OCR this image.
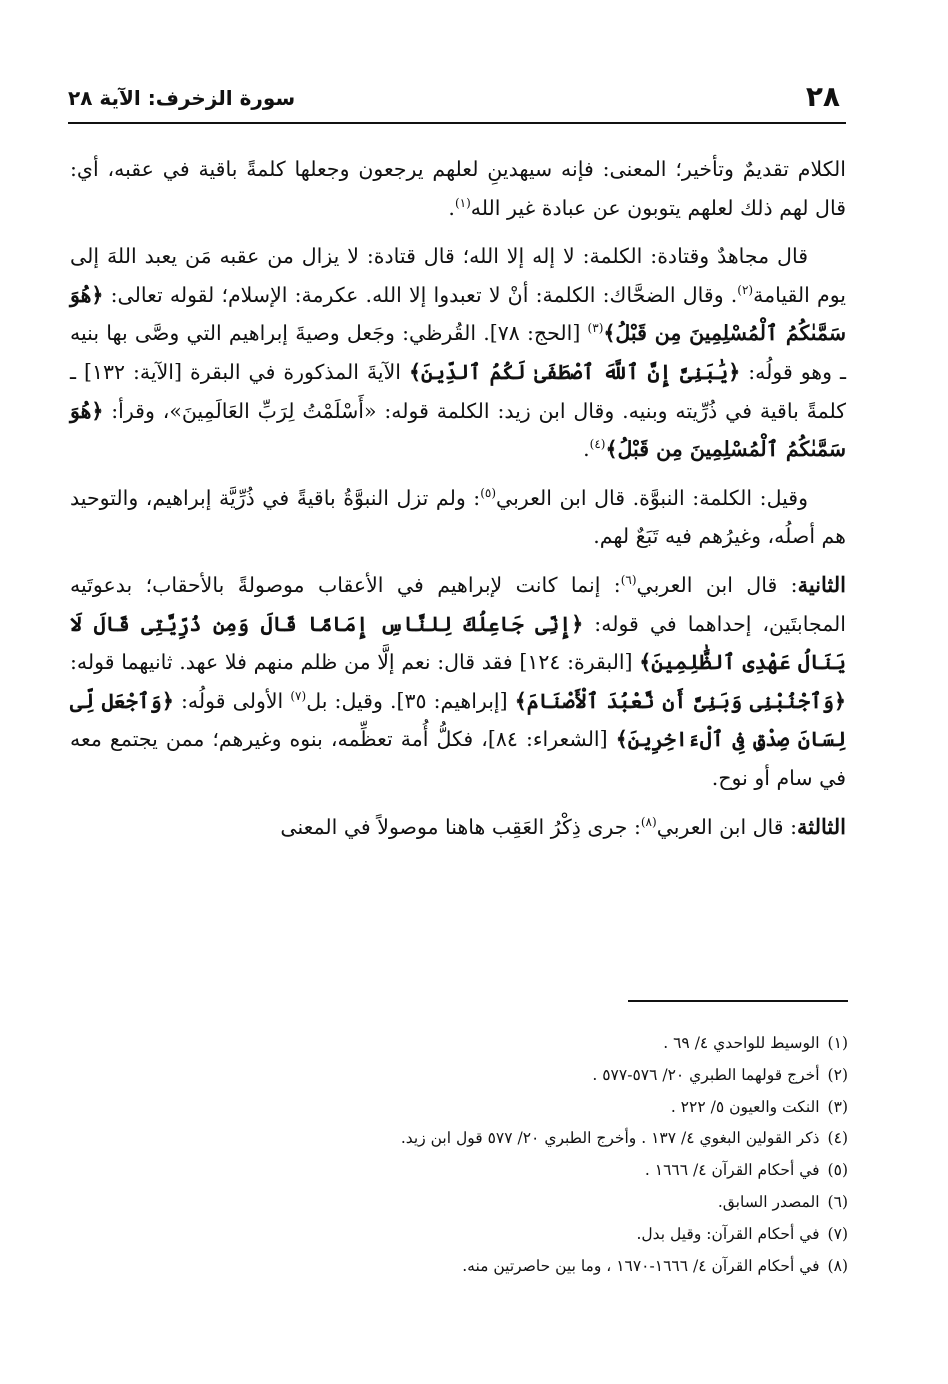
٢٨
سورة الزخرف: الآية ٢٨

الكلام تقديمٌ وتأخير؛ المعنى: فإنه سيهدينِ لعلهم يرجعون وجعلها كلمةً باقية في عقبه، أي: قال لهم ذلك لعلهم يتوبون عن عبادة غير الله$^{(١)}$.

قال مجاهدٌ وقتادة: الكلمة: لا إله إلا الله؛ قال قتادة: لا يزال من عقبه مَن يعبد اللهَ إلى يوم القيامة$^{(٢)}$. وقال الضحَّاك: الكلمة: أنْ لا تعبدوا إلا الله. عكرمة: الإسلام؛ لقوله تعالى: ﴿هُوَ سَمَّىٰكُمُ ٱلْمُسْلِمِينَ مِن قَبْلُ﴾$^{(٣)}$ [الحج: ٧٨]. القُرظي: وجَعل وصيةَ إبراهيم التي وصَّى بها بنيه ـ وهو قولُه: ﴿يَٰبَنِىَّ إِنَّ ٱللَّهَ ٱصْطَفَىٰ لَكُمُ ٱلدِّينَ﴾ الآيةَ المذكورة في البقرة [الآية: ١٣٢] ـ كلمةً باقية في ذُرِّيته وبنيه. وقال ابن زيد: الكلمة قوله: «أَسْلَمْتُ لِرَبِّ العَالَمِينَ»، وقرأ: ﴿هُوَ سَمَّىٰكُمُ ٱلْمُسْلِمِينَ مِن قَبْلُ﴾$^{(٤)}$.

وقيل: الكلمة: النبوَّة. قال ابن العربي$^{(٥)}$: ولم تزل النبوَّةُ باقيةً في ذُرِّيَّة إبراهيم، والتوحيد هم أصلُه، وغيرُهم فيه تَبَعٌ لهم.

الثانية: قال ابن العربي$^{(٦)}$: إنما كانت لإبراهيم في الأعقاب موصولةً بالأحقاب؛ بدعوتَيه المجابتَين، إحداهما في قوله: ﴿إِنِّى جَاعِلُكَ لِلنَّاسِ إِمَامًا قَالَ وَمِن ذُرِّيَّتِى قَالَ لَا يَنَالُ عَهْدِى ٱلظَّٰلِمِينَ﴾ [البقرة: ١٢٤] فقد قال: نعم إلَّا من ظلم منهم فلا عهد. ثانيهما قوله: ﴿وَٱجْنُبْنِى وَبَنِىَّ أَن نَّعْبُدَ ٱلْأَصْنَامَ﴾ [إبراهيم: ٣٥]. وقيل: بل$^{(٧)}$ الأولى قولُه: ﴿وَٱجْعَل لِّى لِسَانَ صِدْقٍ فِى ٱلْءَاخِرِينَ﴾ [الشعراء: ٨٤]، فكلُّ أُمة تعظِّمه، بنوه وغيرهم؛ ممن يجتمع معه في سام أو نوح.

الثالثة: قال ابن العربي$^{(٨)}$: جرى ذِكْرُ العَقِب هاهنا موصولاً في المعنى

(١)الوسيط للواحدي ٤/ ٦٩ .
(٢)أخرج قولهما الطبري ٢٠/ ٥٧٦-٥٧٧ .
(٣)النكت والعيون ٥/ ٢٢٢ .
(٤)ذكر القولين البغوي ٤/ ١٣٧ . وأخرج الطبري ٢٠/ ٥٧٧ قول ابن زيد.
(٥)في أحكام القرآن ٤/ ١٦٦٦ .
(٦)المصدر السابق.
(٧)في أحكام القرآن: وقيل بدل.
(٨)في أحكام القرآن ٤/ ١٦٦٦-١٦٧٠ ، وما بين حاصرتين منه.
